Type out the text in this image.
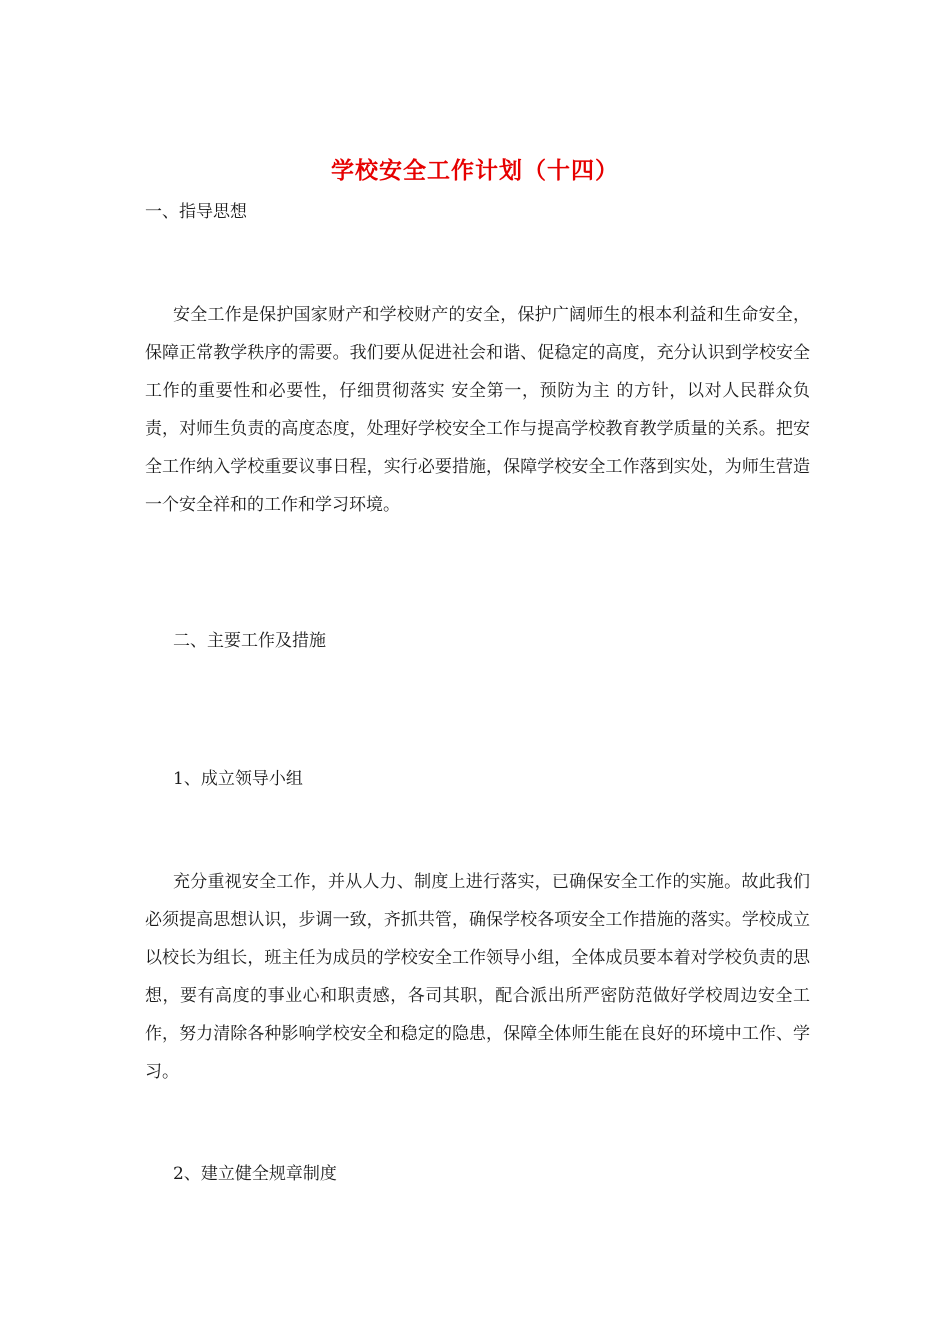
学校安全工作计划（十四）
一、指导思想
安全工作是保护国家财产和学校财产的安全，保护广阔师生的根本利益和生命安全，保障正常教学秩序的需要。我们要从促进社会和谐、促稳定的高度，充分认识到学校安全工作的重要性和必要性，仔细贯彻落实 安全第一，预防为主 的方针，以对人民群众负责，对师生负责的高度态度，处理好学校安全工作与提高学校教育教学质量的关系。把安全工作纳入学校重要议事日程，实行必要措施，保障学校安全工作落到实处，为师生营造一个安全祥和的工作和学习环境。
二、主要工作及措施
1、成立领导小组
充分重视安全工作，并从人力、制度上进行落实，已确保安全工作的实施。故此我们必须提高思想认识，步调一致，齐抓共管，确保学校各项安全工作措施的落实。学校成立以校长为组长，班主任为成员的学校安全工作领导小组，全体成员要本着对学校负责的思想，要有高度的事业心和职责感，各司其职，配合派出所严密防范做好学校周边安全工作，努力清除各种影响学校安全和稳定的隐患，保障全体师生能在良好的环境中工作、学习。
2、建立健全规章制度
